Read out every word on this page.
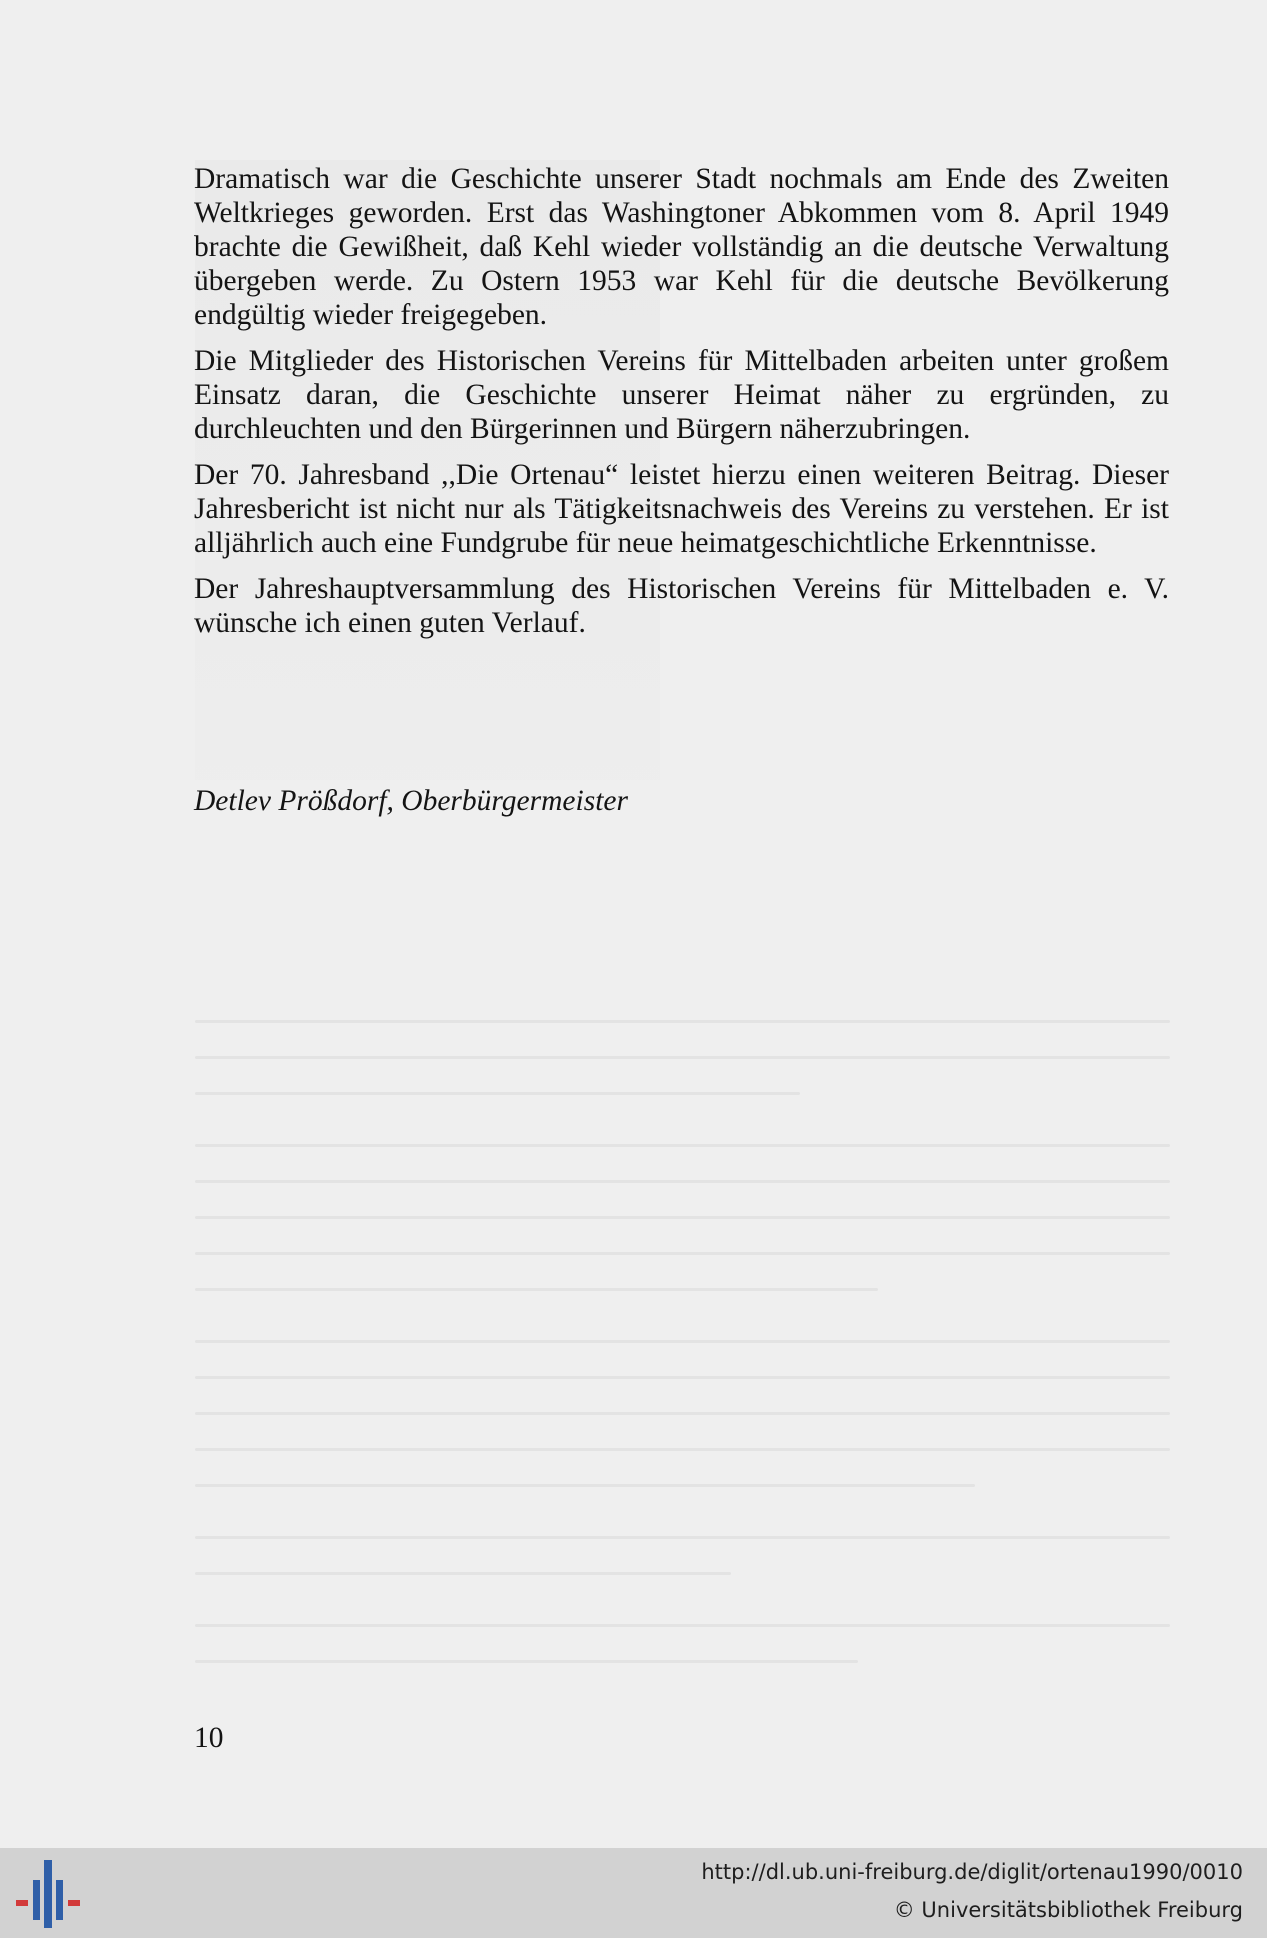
Dramatisch war die Geschichte unserer Stadt nochmals am Ende des Zweiten Weltkrieges geworden. Erst das Washingtoner Abkommen vom 8. April 1949 brachte die Gewißheit, daß Kehl wieder vollständig an die deutsche Verwaltung übergeben werde. Zu Ostern 1953 war Kehl für die deutsche Bevölkerung endgültig wieder freigegeben.

Die Mitglieder des Historischen Vereins für Mittelbaden arbeiten unter großem Einsatz daran, die Geschichte unserer Heimat näher zu ergründen, zu durchleuchten und den Bürgerinnen und Bürgern näherzubringen.

Der 70. Jahresband ,,Die Ortenau“ leistet hierzu einen weiteren Beitrag. Dieser Jahresbericht ist nicht nur als Tätigkeitsnachweis des Vereins zu verstehen. Er ist alljährlich auch eine Fundgrube für neue heimatgeschichtliche Erkenntnisse.

Der Jahreshauptversammlung des Historischen Vereins für Mittelbaden e. V. wünsche ich einen guten Verlauf.

Detlev Prößdorf, Oberbürgermeister

10

http://dl.ub.uni-freiburg.de/diglit/ortenau1990/0010
© Universitätsbibliothek Freiburg
